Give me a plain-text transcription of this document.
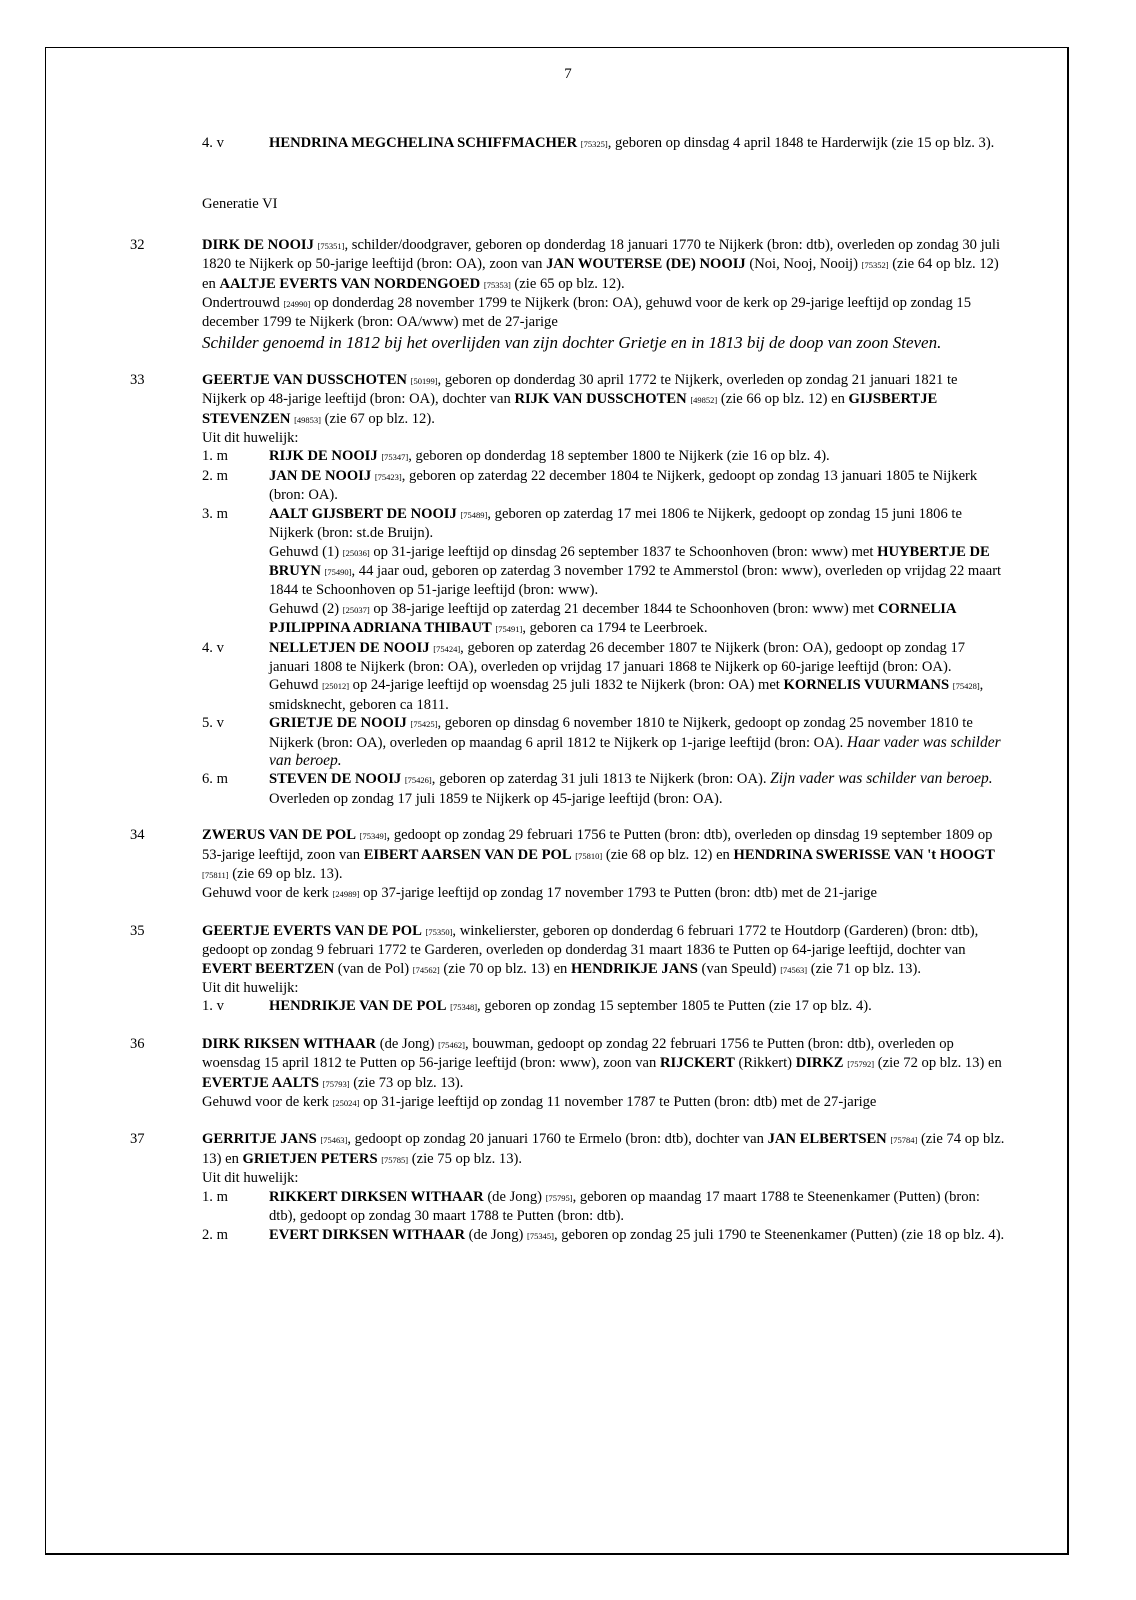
7
4. v	HENDRINA MEGCHELINA SCHIFFMACHER [75325], geboren op dinsdag 4 april 1848 te Harderwijk (zie 15 op blz. 3).
Generatie VI
32	DIRK DE NOOIJ [75351], schilder/doodgraver, geboren op donderdag 18 januari 1770 te Nijkerk (bron: dtb), overleden op zondag 30 juli 1820 te Nijkerk op 50-jarige leeftijd (bron: OA), zoon van JAN WOUTERSE (DE) NOOIJ (Noi, Nooj, Nooij) [75352] (zie 64 op blz. 12) en AALTJE EVERTS VAN NORDENGOED [75353] (zie 65 op blz. 12).
Ondertrouwd [24990] op donderdag 28 november 1799 te Nijkerk (bron: OA), gehuwd voor de kerk op 29-jarige leeftijd op zondag 15 december 1799 te Nijkerk (bron: OA/www) met de 27-jarige
Schilder genoemd in 1812 bij het overlijden van zijn dochter Grietje en in 1813 bij de doop van zoon Steven.
33	GEERTJE VAN DUSSCHOTEN [50199], geboren op donderdag 30 april 1772 te Nijkerk, overleden op zondag 21 januari 1821 te Nijkerk op 48-jarige leeftijd (bron: OA), dochter van RIJK VAN DUSSCHOTEN [49852] (zie 66 op blz. 12) en GIJSBERTJE STEVENZEN [49853] (zie 67 op blz. 12).
Uit dit huwelijk:
1. m	RIJK DE NOOIJ [75347], geboren op donderdag 18 september 1800 te Nijkerk (zie 16 op blz. 4).
2. m	JAN DE NOOIJ [75423], geboren op zaterdag 22 december 1804 te Nijkerk, gedoopt op zondag 13 januari 1805 te Nijkerk (bron: OA).
3. m	AALT GIJSBERT DE NOOIJ [75489], geboren op zaterdag 17 mei 1806 te Nijkerk, gedoopt op zondag 15 juni 1806 te Nijkerk (bron: st.de Bruijn).
Gehuwd (1) [25036] op 31-jarige leeftijd op dinsdag 26 september 1837 te Schoonhoven (bron: www) met HUYBERTJE DE BRUYN [75490], 44 jaar oud, geboren op zaterdag 3 november 1792 te Ammerstol (bron: www), overleden op vrijdag 22 maart 1844 te Schoonhoven op 51-jarige leeftijd (bron: www).
Gehuwd (2) [25037] op 38-jarige leeftijd op zaterdag 21 december 1844 te Schoonhoven (bron: www) met CORNELIA PJILIPPINA ADRIANA THIBAUT [75491], geboren ca 1794 te Leerbroek.
4. v	NELLETJEN DE NOOIJ [75424], geboren op zaterdag 26 december 1807 te Nijkerk (bron: OA), gedoopt op zondag 17 januari 1808 te Nijkerk (bron: OA), overleden op vrijdag 17 januari 1868 te Nijkerk op 60-jarige leeftijd (bron: OA).
Gehuwd [25012] op 24-jarige leeftijd op woensdag 25 juli 1832 te Nijkerk (bron: OA) met KORNELIS VUURMANS [75428], smidsknecht, geboren ca 1811.
5. v	GRIETJE DE NOOIJ [75425], geboren op dinsdag 6 november 1810 te Nijkerk, gedoopt op zondag 25 november 1810 te Nijkerk (bron: OA), overleden op maandag 6 april 1812 te Nijkerk op 1-jarige leeftijd (bron: OA). Haar vader was schilder van beroep.
6. m	STEVEN DE NOOIJ [75426], geboren op zaterdag 31 juli 1813 te Nijkerk (bron: OA). Zijn vader was schilder van beroep. Overleden op zondag 17 juli 1859 te Nijkerk op 45-jarige leeftijd (bron: OA).
34	ZWERUS VAN DE POL [75349], gedoopt op zondag 29 februari 1756 te Putten (bron: dtb), overleden op dinsdag 19 september 1809 op 53-jarige leeftijd, zoon van EIBERT AARSEN VAN DE POL [75810] (zie 68 op blz. 12) en HENDRINA SWERISSE VAN 't HOOGT [75811] (zie 69 op blz. 13).
Gehuwd voor de kerk [24989] op 37-jarige leeftijd op zondag 17 november 1793 te Putten (bron: dtb) met de 21-jarige
35	GEERTJE EVERTS VAN DE POL [75350], winkelierster, geboren op donderdag 6 februari 1772 te Houtdorp (Garderen) (bron: dtb), gedoopt op zondag 9 februari 1772 te Garderen, overleden op donderdag 31 maart 1836 te Putten op 64-jarige leeftijd, dochter van EVERT BEERTZEN (van de Pol) [74562] (zie 70 op blz. 13) en HENDRIKJE JANS (van Speuld) [74563] (zie 71 op blz. 13).
Uit dit huwelijk:
1. v	HENDRIKJE VAN DE POL [75348], geboren op zondag 15 september 1805 te Putten (zie 17 op blz. 4).
36	DIRK RIKSEN WITHAAR (de Jong) [75462], bouwman, gedoopt op zondag 22 februari 1756 te Putten (bron: dtb), overleden op woensdag 15 april 1812 te Putten op 56-jarige leeftijd (bron: www), zoon van RIJCKERT (Rikkert) DIRKZ [75792] (zie 72 op blz. 13) en EVERTJE AALTS [75793] (zie 73 op blz. 13).
Gehuwd voor de kerk [25024] op 31-jarige leeftijd op zondag 11 november 1787 te Putten (bron: dtb) met de 27-jarige
37	GERRITJE JANS [75463], gedoopt op zondag 20 januari 1760 te Ermelo (bron: dtb), dochter van JAN ELBERTSEN [75784] (zie 74 op blz. 13) en GRIETJEN PETERS [75785] (zie 75 op blz. 13).
Uit dit huwelijk:
1. m	RIKKERT DIRKSEN WITHAAR (de Jong) [75795], geboren op maandag 17 maart 1788 te Steenenkamer (Putten) (bron: dtb), gedoopt op zondag 30 maart 1788 te Putten (bron: dtb).
2. m	EVERT DIRKSEN WITHAAR (de Jong) [75345], geboren op zondag 25 juli 1790 te Steenenkamer (Putten) (zie 18 op blz. 4).
